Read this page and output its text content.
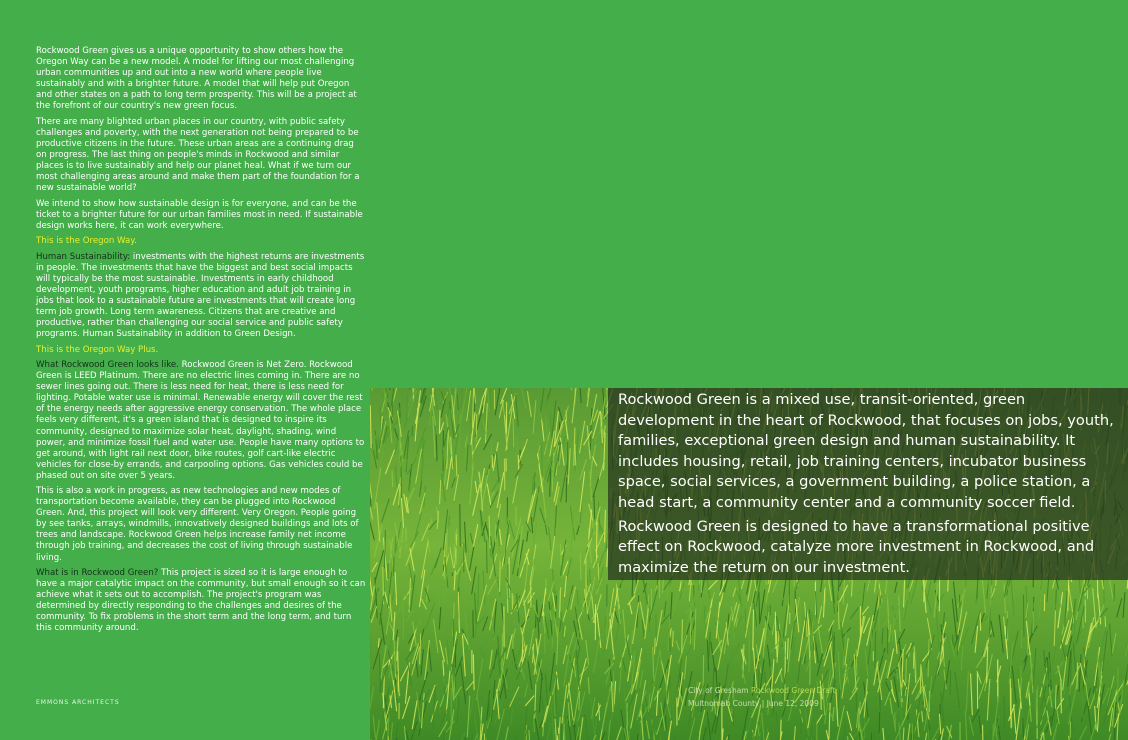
Rockwood Green gives us a unique opportunity to show others how the Oregon Way can be a new model. A model for lifting our most challenging urban communities up and out into a new world where people live sustainably and with a brighter future. A model that will help put Oregon and other states on a path to long term prosperity. This will be a project at the forefront of our country's new green focus.

There are many blighted urban places in our country, with public safety challenges and poverty, with the next generation not being prepared to be productive citizens in the future. These urban areas are a continuing drag on progress. The last thing on people's minds in Rockwood and similar places is to live sustainably and help our planet heal. What if we turn our most challenging areas around and make them part of the foundation for a new sustainable world?

We intend to show how sustainable design is for everyone, and can be the ticket to a brighter future for our urban families most in need. If sustainable design works here, it can work everywhere.

This is the Oregon Way.

Human Sustainability: investments with the highest returns are investments in people. The investments that have the biggest and best social impacts will typically be the most sustainable. Investments in early childhood development, youth programs, higher education and adult job training in jobs that look to a sustainable future are investments that will create long term job growth. Long term awareness. Citizens that are creative and productive, rather than challenging our social service and public safety programs. Human Sustainablity in addition to Green Design.

This is the Oregon Way Plus.

What Rockwood Green looks like. Rockwood Green is Net Zero. Rockwood Green is LEED Platinum. There are no electric lines coming in. There are no sewer lines going out. There is less need for heat, there is less need for lighting. Potable water use is minimal. Renewable energy will cover the rest of the energy needs after aggressive energy conservation. The whole place feels very different, it's a green island that is designed to inspire its community, designed to maximize solar heat, daylight, shading, wind power, and minimize fossil fuel and water use. People have many options to get around, with light rail next door, bike routes, golf cart-like electric vehicles for close-by errands, and carpooling options. Gas vehicles could be phased out on site over 5 years.

This is also a work in progress, as new technologies and new modes of transportation become available, they can be plugged into Rockwood Green. And, this project will look very different. Very Oregon. People going by see tanks, arrays, windmills, innovatively designed buildings and lots of trees and landscape. Rockwood Green helps increase family net income through job training, and decreases the cost of living through sustainable living.

What is in Rockwood Green? This project is sized so it is large enough to have a major catalytic impact on the community, but small enough so it can achieve what it sets out to accomplish. The project's program was determined by directly responding to the challenges and desires of the community. To fix problems in the short term and the long term, and turn this community around.

EMMONS ARCHITECTS

Rockwood Green is a mixed use, transit-oriented, green development in the heart of Rockwood, that focuses on jobs, youth, families, exceptional green design and human sustainability. It includes housing, retail, job training centers, incubator business space, social services, a government building, a police station, a head start, a community center and a community soccer field.

Rockwood Green is designed to have a transformational positive effect on Rockwood, catalyze more investment in Rockwood, and maximize the return on our investment.

City of Gresham Rockwood Green Draft
Multnomah County | June 12, 2009
